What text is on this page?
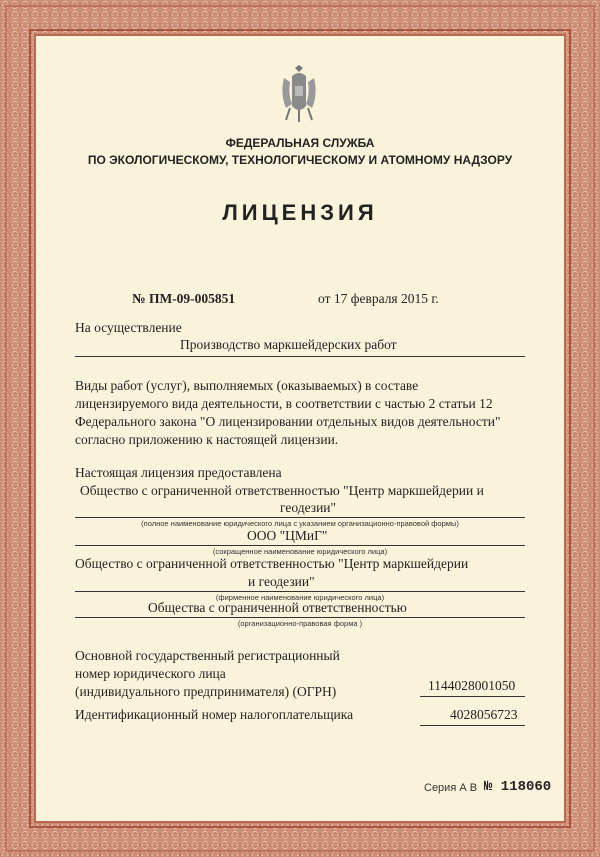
ФЕДЕРАЛЬНАЯ СЛУЖБА
ПО ЭКОЛОГИЧЕСКОМУ, ТЕХНОЛОГИЧЕСКОМУ И АТОМНОМУ НАДЗОРУ
ЛИЦЕНЗИЯ
№ ПМ-09-005851	от 17 февраля 2015 г.
На осуществление
Производство маркшейдерских работ
Виды работ (услуг), выполняемых (оказываемых) в составе
лицензируемого вида деятельности, в соответствии с частью 2 статьи 12
Федерального закона "О лицензировании отдельных видов деятельности"
согласно приложению к настоящей лицензии.
Настоящая лицензия предоставлена
Общество с ограниченной ответственностью "Центр маркшейдерии и
геодезии"
(полное наименование юридического лица с указанием организационно-правовой формы)
ООО "ЦМиГ"
(сокращенное наименование юридического лица)
Общество с ограниченной ответственностью "Центр маркшейдерии
и геодезии"
(фирменное наименование юридического лица)
Общества с ограниченной ответственностью
(организационно-правовая форма )
Основной государственный регистрационный
номер юридического лица
(индивидуального предпринимателя) (ОГРН)	1144028001050
Идентификационный номер налогоплательщика	4028056723
Серия А В № 118060
